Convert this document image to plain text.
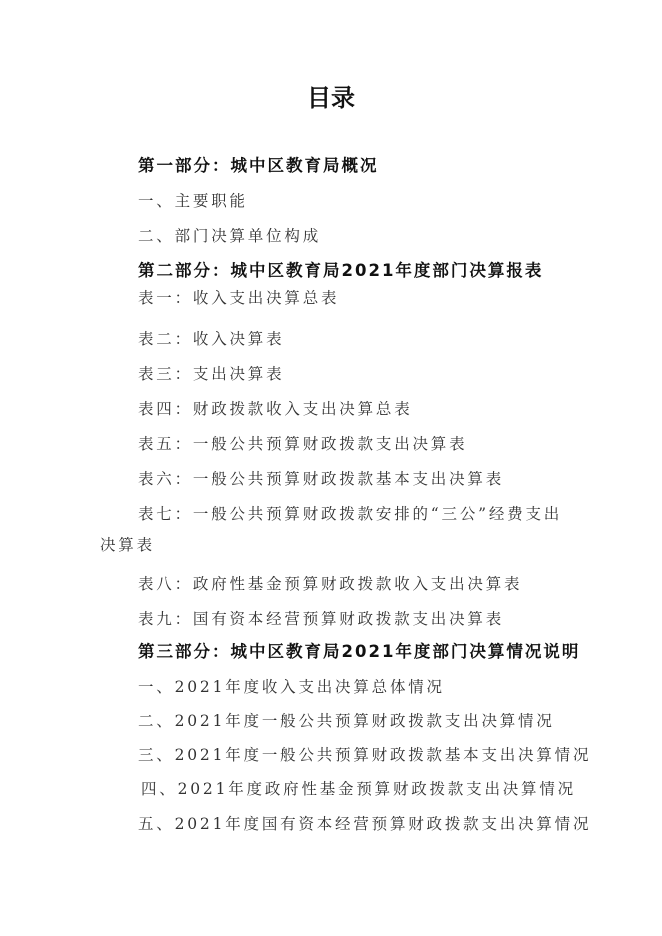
目录
第一部分：城中区教育局概况
一、主要职能
二、部门决算单位构成
第二部分：城中区教育局2021年度部门决算报表
表一：收入支出决算总表
表二：收入决算表
表三：支出决算表
表四：财政拨款收入支出决算总表
表五：一般公共预算财政拨款支出决算表
表六：一般公共预算财政拨款基本支出决算表
表七：一般公共预算财政拨款安排的“三公”经费支出
决算表
表八：政府性基金预算财政拨款收入支出决算表
表九：国有资本经营预算财政拨款支出决算表
第三部分：城中区教育局2021年度部门决算情况说明
一、2021年度收入支出决算总体情况
二、2021年度一般公共预算财政拨款支出决算情况
三、2021年度一般公共预算财政拨款基本支出决算情况
四、2021年度政府性基金预算财政拨款支出决算情况
五、2021年度国有资本经营预算财政拨款支出决算情况
